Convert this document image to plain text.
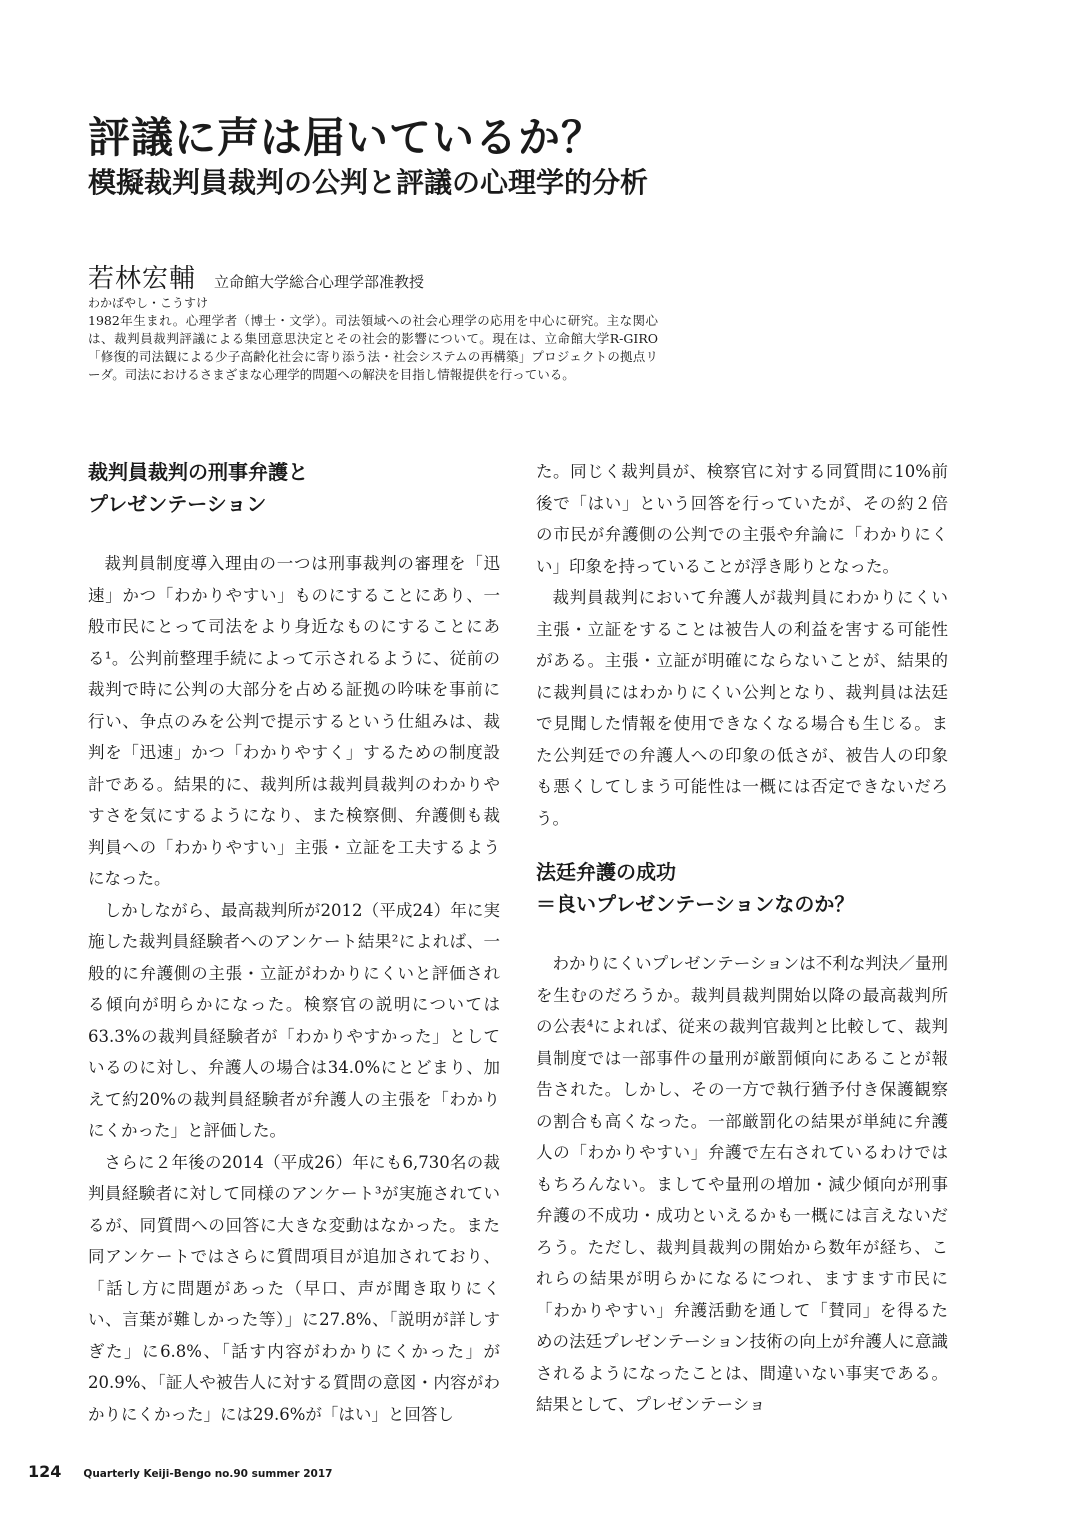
評議に声は届いているか？
模擬裁判員裁判の公判と評議の心理学的分析
若林宏輔 立命館大学総合心理学部准教授
わかばやし・こうすけ
1982年生まれ。心理学者（博士・文学）。司法領域への社会心理学の応用を中心に研究。主な関心は、裁判員裁判評議による集団意思決定とその社会的影響について。現在は、立命館大学R-GIRO「修復的司法観による少子高齢化社会に寄り添う法・社会システムの再構築」プロジェクトの拠点リーダ。司法におけるさまざまな心理学的問題への解決を目指し情報提供を行っている。
裁判員裁判の刑事弁護と
プレゼンテーション

裁判員制度導入理由の一つは刑事裁判の審理を「迅速」かつ「わかりやすい」ものにすることにあり、一般市民にとって司法をより身近なものにすることにある¹。公判前整理手続によって示されるように、従前の裁判で時に公判の大部分を占める証拠の吟味を事前に行い、争点のみを公判で提示するという仕組みは、裁判を「迅速」かつ「わかりやすく」するための制度設計である。結果的に、裁判所は裁判員裁判のわかりやすさを気にするようになり、また検察側、弁護側も裁判員への「わかりやすい」主張・立証を工夫するようになった。

しかしながら、最高裁判所が2012（平成24）年に実施した裁判員経験者へのアンケート結果²によれば、一般的に弁護側の主張・立証がわかりにくいと評価される傾向が明らかになった。検察官の説明については63.3%の裁判員経験者が「わかりやすかった」としているのに対し、弁護人の場合は34.0%にとどまり、加えて約20%の裁判員経験者が弁護人の主張を「わかりにくかった」と評価した。

さらに２年後の2014（平成26）年にも6,730名の裁判員経験者に対して同様のアンケート³が実施されているが、同質問への回答に大きな変動はなかった。また同アンケートではさらに質問項目が追加されており、「話し方に問題があった（早口、声が聞き取りにくい、言葉が難しかった等）」に27.8%、「説明が詳しすぎた」に6.8%、「話す内容がわかりにくかった」が20.9%、「証人や被告人に対する質問の意図・内容がわかりにくかった」には29.6%が「はい」と回答し

た。同じく裁判員が、検察官に対する同質問に10%前後で「はい」という回答を行っていたが、その約２倍の市民が弁護側の公判での主張や弁論に「わかりにくい」印象を持っていることが浮き彫りとなった。

裁判員裁判において弁護人が裁判員にわかりにくい主張・立証をすることは被告人の利益を害する可能性がある。主張・立証が明確にならないことが、結果的に裁判員にはわかりにくい公判となり、裁判員は法廷で見聞した情報を使用できなくなる場合も生じる。また公判廷での弁護人への印象の低さが、被告人の印象も悪くしてしまう可能性は一概には否定できないだろう。

法廷弁護の成功
＝良いプレゼンテーションなのか？

わかりにくいプレゼンテーションは不利な判決／量刑を生むのだろうか。裁判員裁判開始以降の最高裁判所の公表⁴によれば、従来の裁判官裁判と比較して、裁判員制度では一部事件の量刑が厳罰傾向にあることが報告された。しかし、その一方で執行猶予付き保護観察の割合も高くなった。一部厳罰化の結果が単純に弁護人の「わかりやすい」弁護で左右されているわけではもちろんない。ましてや量刑の増加・減少傾向が刑事弁護の不成功・成功といえるかも一概には言えないだろう。ただし、裁判員裁判の開始から数年が経ち、これらの結果が明らかになるにつれ、ますます市民に「わかりやすい」弁護活動を通して「賛同」を得るための法廷プレゼンテーション技術の向上が弁護人に意識されるようになったことは、間違いない事実である。結果として、プレゼンテーショ

124 Quarterly Keiji-Bengo no.90 summer 2017
